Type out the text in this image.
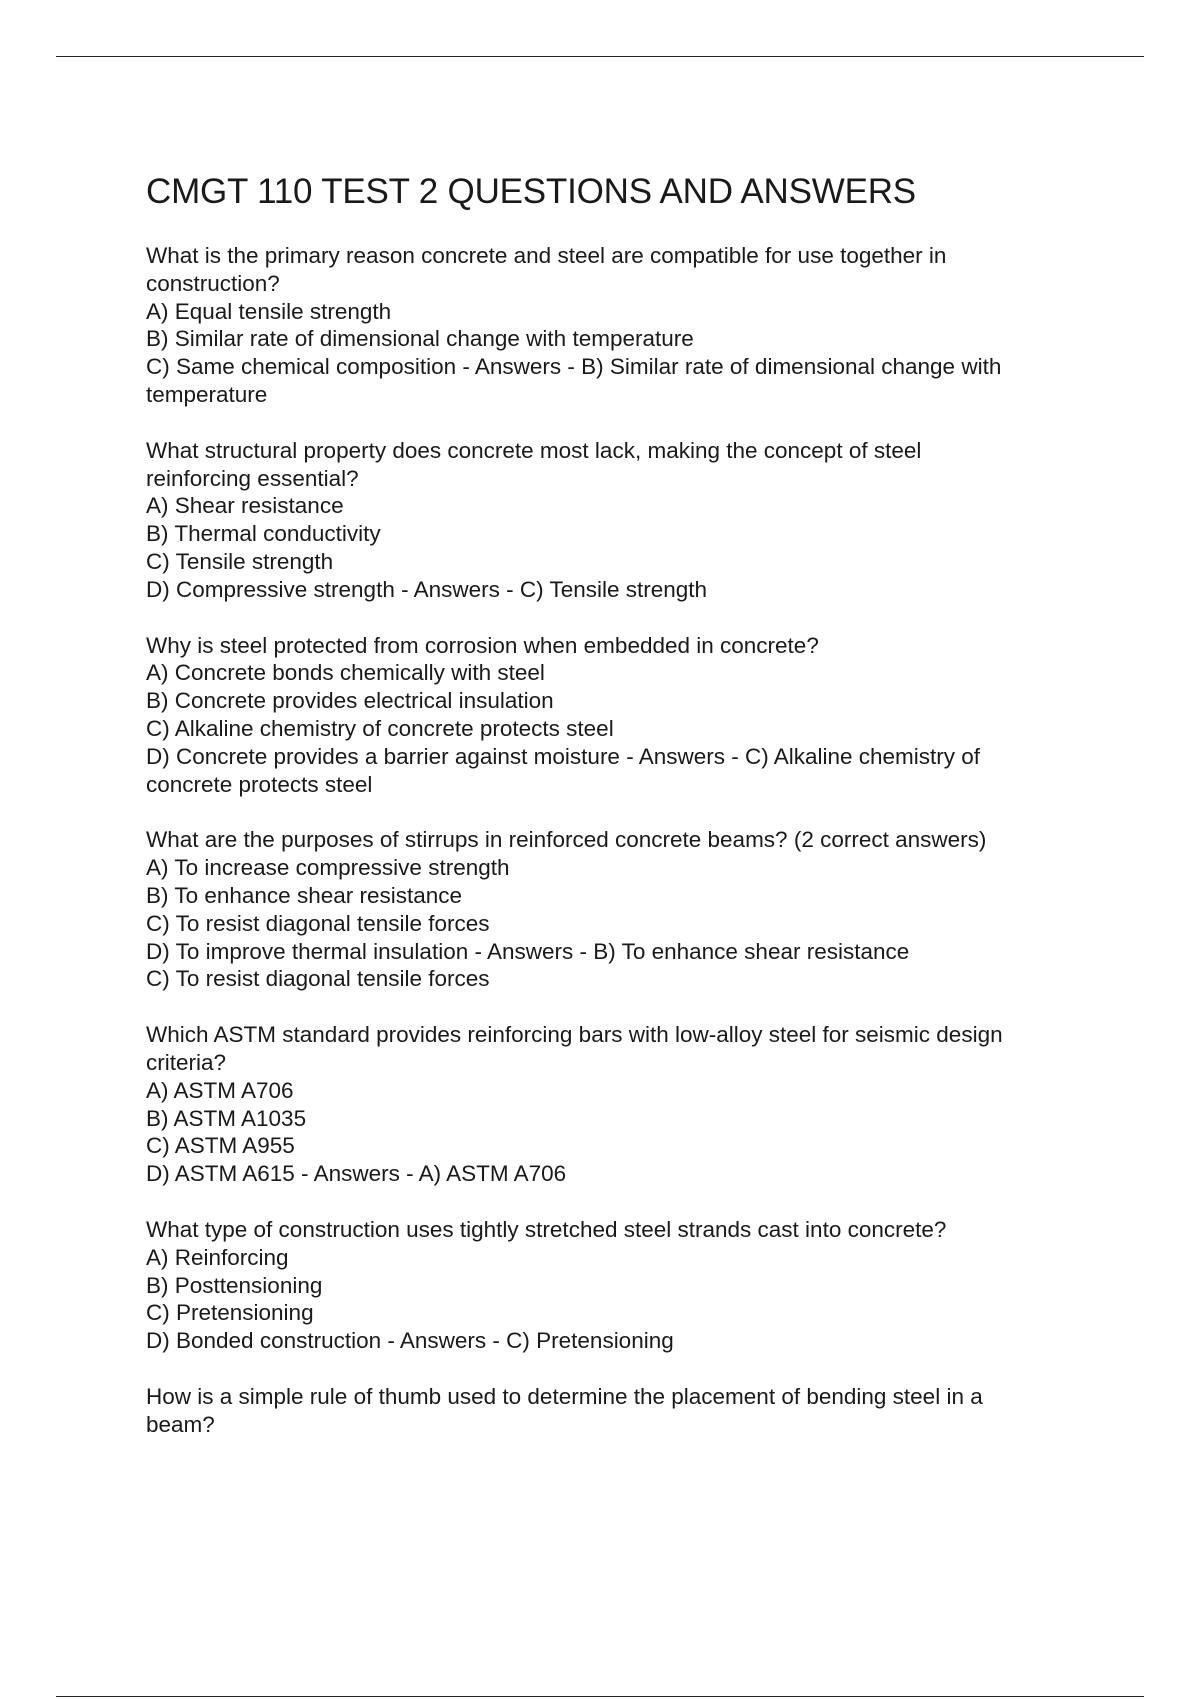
CMGT 110 TEST 2 QUESTIONS AND ANSWERS

What is the primary reason concrete and steel are compatible for use together in

construction?

A) Equal tensile strength

B) Similar rate of dimensional change with temperature

C) Same chemical composition - Answers - B) Similar rate of dimensional change with

temperature

What structural property does concrete most lack, making the concept of steel

reinforcing essential?

A) Shear resistance

B) Thermal conductivity

C) Tensile strength

D) Compressive strength - Answers - C) Tensile strength

Why is steel protected from corrosion when embedded in concrete?

A) Concrete bonds chemically with steel

B) Concrete provides electrical insulation

C) Alkaline chemistry of concrete protects steel

D) Concrete provides a barrier against moisture - Answers - C) Alkaline chemistry of

concrete protects steel

What are the purposes of stirrups in reinforced concrete beams? (2 correct answers)

A) To increase compressive strength

B) To enhance shear resistance

C) To resist diagonal tensile forces

D) To improve thermal insulation - Answers - B) To enhance shear resistance

C) To resist diagonal tensile forces

Which ASTM standard provides reinforcing bars with low-alloy steel for seismic design

criteria?

A) ASTM A706

B) ASTM A1035

C) ASTM A955

D) ASTM A615 - Answers - A) ASTM A706

What type of construction uses tightly stretched steel strands cast into concrete?

A) Reinforcing

B) Posttensioning

C) Pretensioning

D) Bonded construction - Answers - C) Pretensioning

How is a simple rule of thumb used to determine the placement of bending steel in a

beam?
